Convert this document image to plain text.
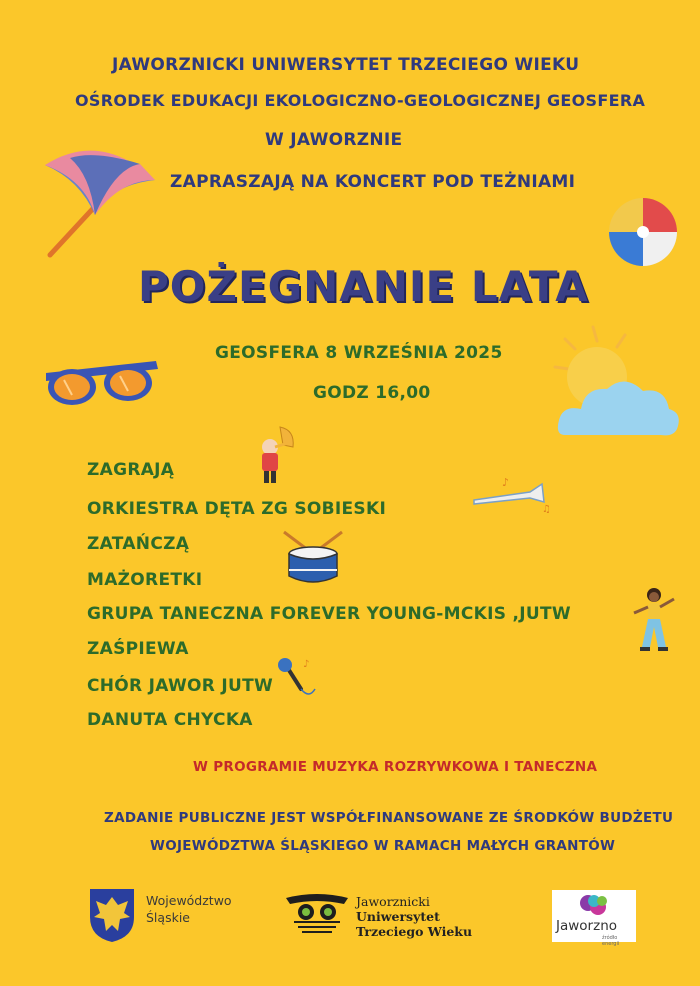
JAWORZNICKI UNIWERSYTET TRZECIEGO WIEKU
OŚRODEK EDUKACJI EKOLOGICZNO-GEOLOGICZNEJ GEOSFERA
W JAWORZNIE
ZAPRASZAJĄ NA KONCERT POD TEŻNIAMI
POŻEGNANIE LATA
GEOSFERA 8 WRZEŚNIA 2025
GODZ 16,00
ZAGRAJĄ
ORKIESTRA DĘTA ZG SOBIESKI
ZATAŃCZĄ
MAŻORETKI
GRUPA TANECZNA FOREVER YOUNG-MCKIS ,JUTW
ZAŚPIEWA
CHÓR JAWOR JUTW
DANUTA CHYCKA
W PROGRAMIE MUZYKA ROZRYWKOWA I TANECZNA
ZADANIE PUBLICZNE JEST WSPÓŁFINANSOWANE ZE ŚRODKÓW BUDŻETU
WOJEWÓDZTWA ŚLĄSKIEGO W RAMACH MAŁYCH GRANTÓW
♪
♫
♪
Województwo
Śląskie
Jaworznicki
Uniwersytet
Trzeciego Wieku	Jaworzno
źródło energii
